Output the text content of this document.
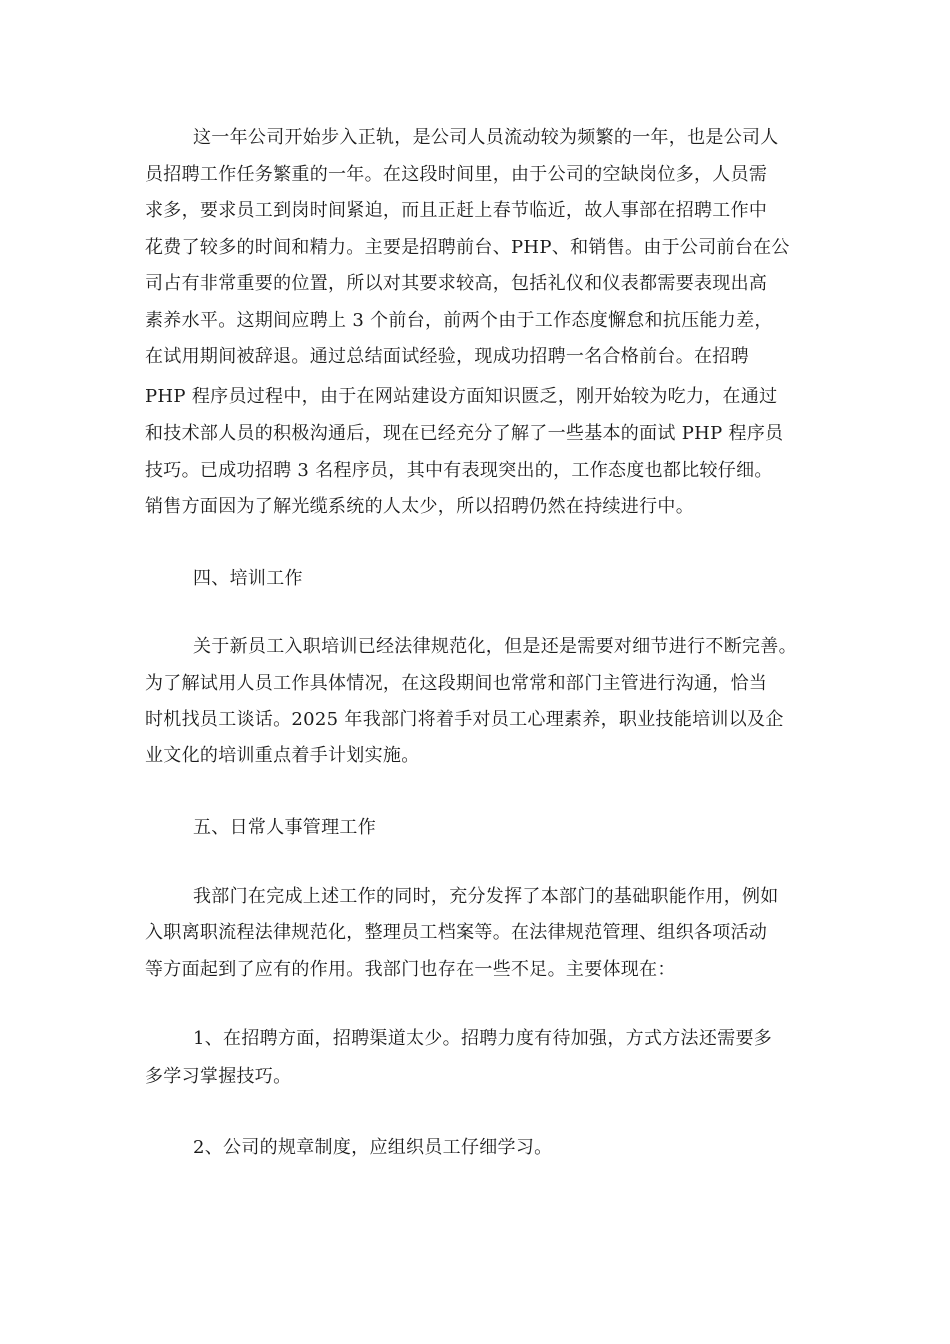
这一年公司开始步入正轨，是公司人员流动较为频繁的一年，也是公司人
员招聘工作任务繁重的一年。在这段时间里，由于公司的空缺岗位多，人员需
求多，要求员工到岗时间紧迫，而且正赶上春节临近，故人事部在招聘工作中
花费了较多的时间和精力。主要是招聘前台、PHP、和销售。由于公司前台在公
司占有非常重要的位置，所以对其要求较高，包括礼仪和仪表都需要表现出高
素养水平。这期间应聘上 3 个前台，前两个由于工作态度懈怠和抗压能力差，
在试用期间被辞退。通过总结面试经验，现成功招聘一名合格前台。在招聘
PHP 程序员过程中，由于在网站建设方面知识匮乏，刚开始较为吃力，在通过
和技术部人员的积极沟通后，现在已经充分了解了一些基本的面试 PHP 程序员
技巧。已成功招聘 3 名程序员，其中有表现突出的，工作态度也都比较仔细。
销售方面因为了解光缆系统的人太少，所以招聘仍然在持续进行中。
四、培训工作
关于新员工入职培训已经法律规范化，但是还是需要对细节进行不断完善。
为了解试用人员工作具体情况，在这段期间也常常和部门主管进行沟通，恰当
时机找员工谈话。2025 年我部门将着手对员工心理素养，职业技能培训以及企
业文化的培训重点着手计划实施。
五、日常人事管理工作
我部门在完成上述工作的同时，充分发挥了本部门的基础职能作用，例如
入职离职流程法律规范化，整理员工档案等。在法律规范管理、组织各项活动
等方面起到了应有的作用。我部门也存在一些不足。主要体现在：
1、在招聘方面，招聘渠道太少。招聘力度有待加强，方式方法还需要多
多学习掌握技巧。
2、公司的规章制度，应组织员工仔细学习。
